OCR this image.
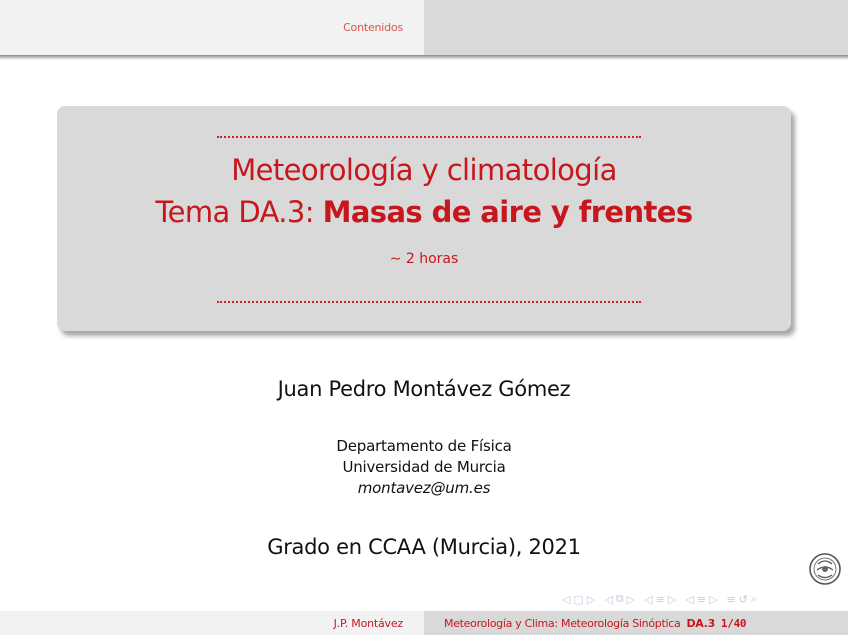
Contenidos
Meteorología y climatología
Tema DA.3: Masas de aire y frentes
∼ 2 horas
Juan Pedro Montávez Gómez
Departamento de Física
Universidad de Murcia
montavez@um.es
Grado en CCAA (Murcia), 2021
◁ ▢ ▷ ◁ ⧉ ▷ ◁ ≡ ▷ ◁ ≡ ▷ ≡ ↺ ⌕
J.P. Montávez	Meteorología y Clima: Meteorología Sinóptica DA.3 1/40
